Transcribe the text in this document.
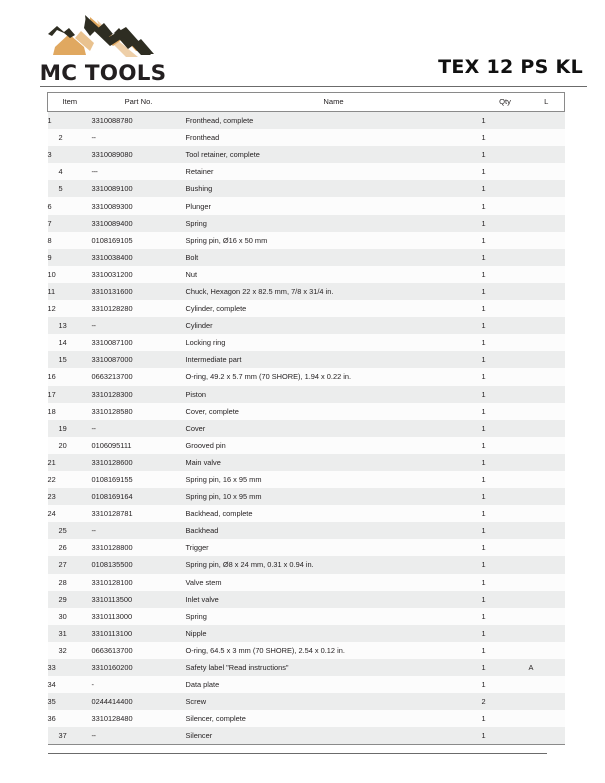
MC TOOLS	TEX 12 PS KL
Item	Part No.	Name	Qty	L
1	3310088780	Fronthead, complete	1	
2	--	Fronthead	1	
3	3310089080	Tool retainer, complete	1	
4	---	Retainer	1	
5	3310089100	Bushing	1	
6	3310089300	Plunger	1	
7	3310089400	Spring	1	
8	0108169105	Spring pin, Ø16 x 50 mm	1	
9	3310038400	Bolt	1	
10	3310031200	Nut	1	
11	3310131600	Chuck, Hexagon 22 x 82.5 mm, 7/8 x 31/4 in.	1	
12	3310128280	Cylinder, complete	1	
13	--	Cylinder	1	
14	3310087100	Locking ring	1	
15	3310087000	Intermediate part	1	
16	0663213700	O-ring, 49.2 x 5.7 mm (70 SHORE), 1.94 x 0.22 in.	1	
17	3310128300	Piston	1	
18	3310128580	Cover, complete	1	
19	--	Cover	1	
20	0106095111	Grooved pin	1	
21	3310128600	Main valve	1	
22	0108169155	Spring pin, 16 x 95 mm	1	
23	0108169164	Spring pin, 10 x 95 mm	1	
24	3310128781	Backhead, complete	1	
25	--	Backhead	1	
26	3310128800	Trigger	1	
27	0108135500	Spring pin, Ø8 x 24 mm, 0.31 x 0.94 in.	1	
28	3310128100	Valve stem	1	
29	3310113500	Inlet valve	1	
30	3310113000	Spring	1	
31	3310113100	Nipple	1	
32	0663613700	O-ring, 64.5 x 3 mm (70 SHORE), 2.54 x 0.12 in.	1	
33	3310160200	Safety label "Read instructions"	1	A
34	-	Data plate	1	
35	0244414400	Screw	2	
36	3310128480	Silencer, complete	1	
37	--	Silencer	1	
